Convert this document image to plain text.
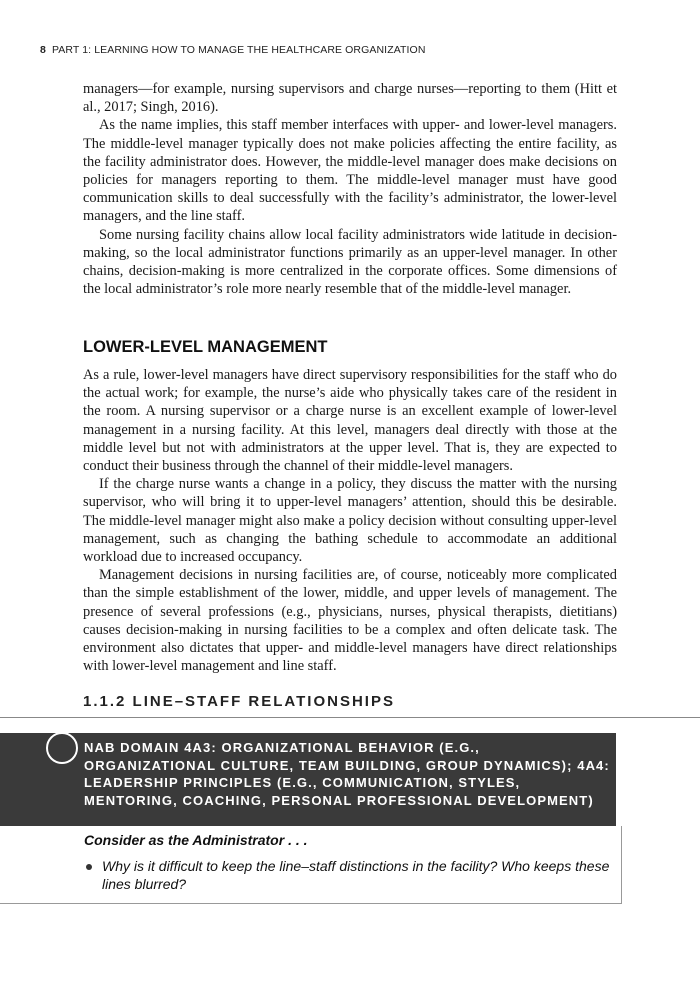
8 PART 1: LEARNING HOW TO MANAGE THE HEALTHCARE ORGANIZATION

managers—for example, nursing supervisors and charge nurses—reporting to them (Hitt et al., 2017; Singh, 2016).

As the name implies, this staff member interfaces with upper- and lower-level managers. The middle-level manager typically does not make policies affecting the entire facility, as the facility administrator does. However, the middle-level manager does make decisions on policies for managers reporting to them. The middle-level manager must have good communication skills to deal successfully with the facility’s administrator, the lower-level managers, and the line staff.

Some nursing facility chains allow local facility administrators wide latitude in decision-making, so the local administrator functions primarily as an upper-level manager. In other chains, decision-making is more centralized in the corporate offices. Some dimensions of the local administrator’s role more nearly resemble that of the middle-level manager.

LOWER-LEVEL MANAGEMENT

As a rule, lower-level managers have direct supervisory responsibilities for the staff who do the actual work; for example, the nurse’s aide who physically takes care of the resident in the room. A nursing supervisor or a charge nurse is an excellent example of lower-level management in a nursing facility. At this level, managers deal directly with those at the middle level but not with administrators at the upper level. That is, they are expected to conduct their business through the channel of their middle-level managers.

If the charge nurse wants a change in a policy, they discuss the matter with the nursing supervisor, who will bring it to upper-level managers’ attention, should this be desirable. The middle-level manager might also make a policy decision without consulting upper-level management, such as changing the bathing schedule to accommodate an additional workload due to increased occupancy.

Management decisions in nursing facilities are, of course, noticeably more complicated than the simple establishment of the lower, middle, and upper levels of management. The presence of several professions (e.g., physicians, nurses, physical therapists, dietitians) causes decision-making in nursing facilities to be a complex and often delicate task. The environment also dictates that upper- and middle-level managers have direct relationships with lower-level management and line staff.

1.1.2 LINE–STAFF RELATIONSHIPS
NAB DOMAIN 4A3: ORGANIZATIONAL BEHAVIOR (E.G., ORGANIZATIONAL CULTURE, TEAM BUILDING, GROUP DYNAMICS); 4A4: LEADERSHIP PRINCIPLES (E.G., COMMUNICATION, STYLES, MENTORING, COACHING, PERSONAL PROFESSIONAL DEVELOPMENT)
Consider as the Administrator . . .
Why is it difficult to keep the line–staff distinctions in the facility? Who keeps these lines blurred?
